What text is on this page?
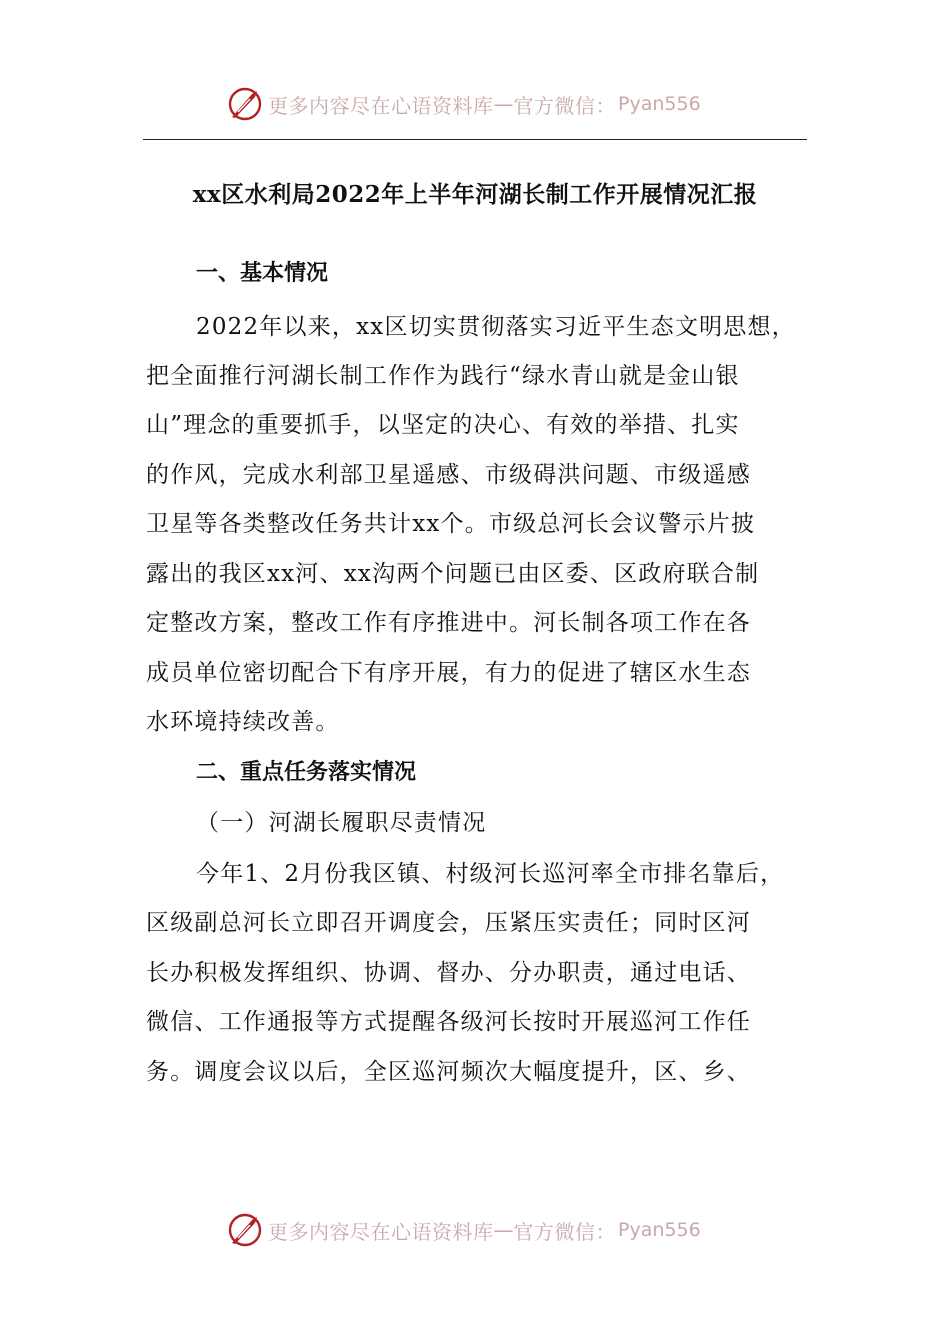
更多内容尽在心语资料库 — 官方微信： Pyan556
xx区水利局2022年上半年河湖长制工作开展情况汇报
一、基本情况
2022年以来，xx区切实贯彻落实习近平生态文明思想，
把全面推行河湖长制工作作为践行“绿水青山就是金山银
山”理念的重要抓手，以坚定的决心、有效的举措、扎实
的作风，完成水利部卫星遥感、市级碍洪问题、市级遥感
卫星等各类整改任务共计xx个。市级总河长会议警示片披
露出的我区xx河、xx沟两个问题已由区委、区政府联合制
定整改方案，整改工作有序推进中。河长制各项工作在各
成员单位密切配合下有序开展，有力的促进了辖区水生态
水环境持续改善。
二、重点任务落实情况
（一）河湖长履职尽责情况
今年1、2月份我区镇、村级河长巡河率全市排名靠后，
区级副总河长立即召开调度会，压紧压实责任；同时区河
长办积极发挥组织、协调、督办、分办职责，通过电话、
微信、工作通报等方式提醒各级河长按时开展巡河工作任
务。调度会议以后，全区巡河频次大幅度提升，区、乡、
更多内容尽在心语资料库 — 官方微信： Pyan556
